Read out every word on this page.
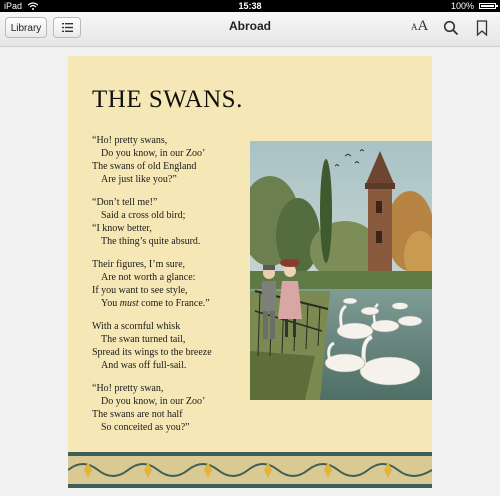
iPad	15:38	100%
Library	Abroad	AA
THE SWANS.
“Ho! pretty swans,
Do you know, in our Zoo’
The swans of old England
Are just like you?”
“Don’t tell me!”
Said a cross old bird;
“I know better,
The thing’s quite absurd.
Their figures, I’m sure,
Are not worth a glance:
If you want to see style,
You must come to France.”
With a scornful whisk
The swan turned tail,
Spread its wings to the breeze
And was off full-sail.
“Ho! pretty swan,
Do you know, in our Zoo’
The swans are not half
So conceited as you?”
